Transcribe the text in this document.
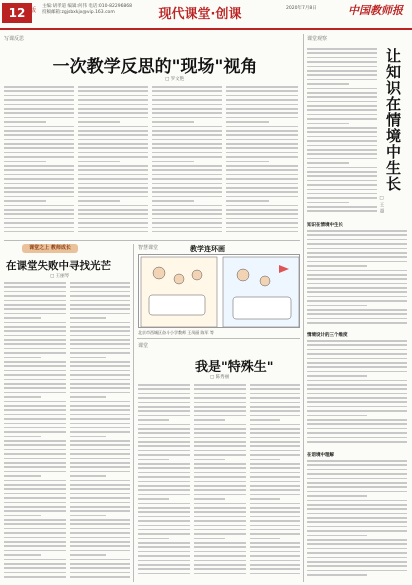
12 版
主编:胡孝道 编辑:何伟 电话:010-82296868
投稿邮箱:zgjsbxkjx@vip.163.com	现代课堂·创课	2020年7月8日	中国教师报
写课反思
一次教学反思的"现场"视角
□ 罗文艳
课堂之上 教师成长
在课堂失败中寻找光芒
□ 王丽琴
智慧课堂	教学连环画
北京市西城区奋斗小学教师 王凤丽 陈军 等
课堂
我是"特殊生"
□ 陈秀丽
课堂观察
让知识在情境中生长
□ 王 超
知识在情境中生长
情境设计的三个维度
在语境中理解
